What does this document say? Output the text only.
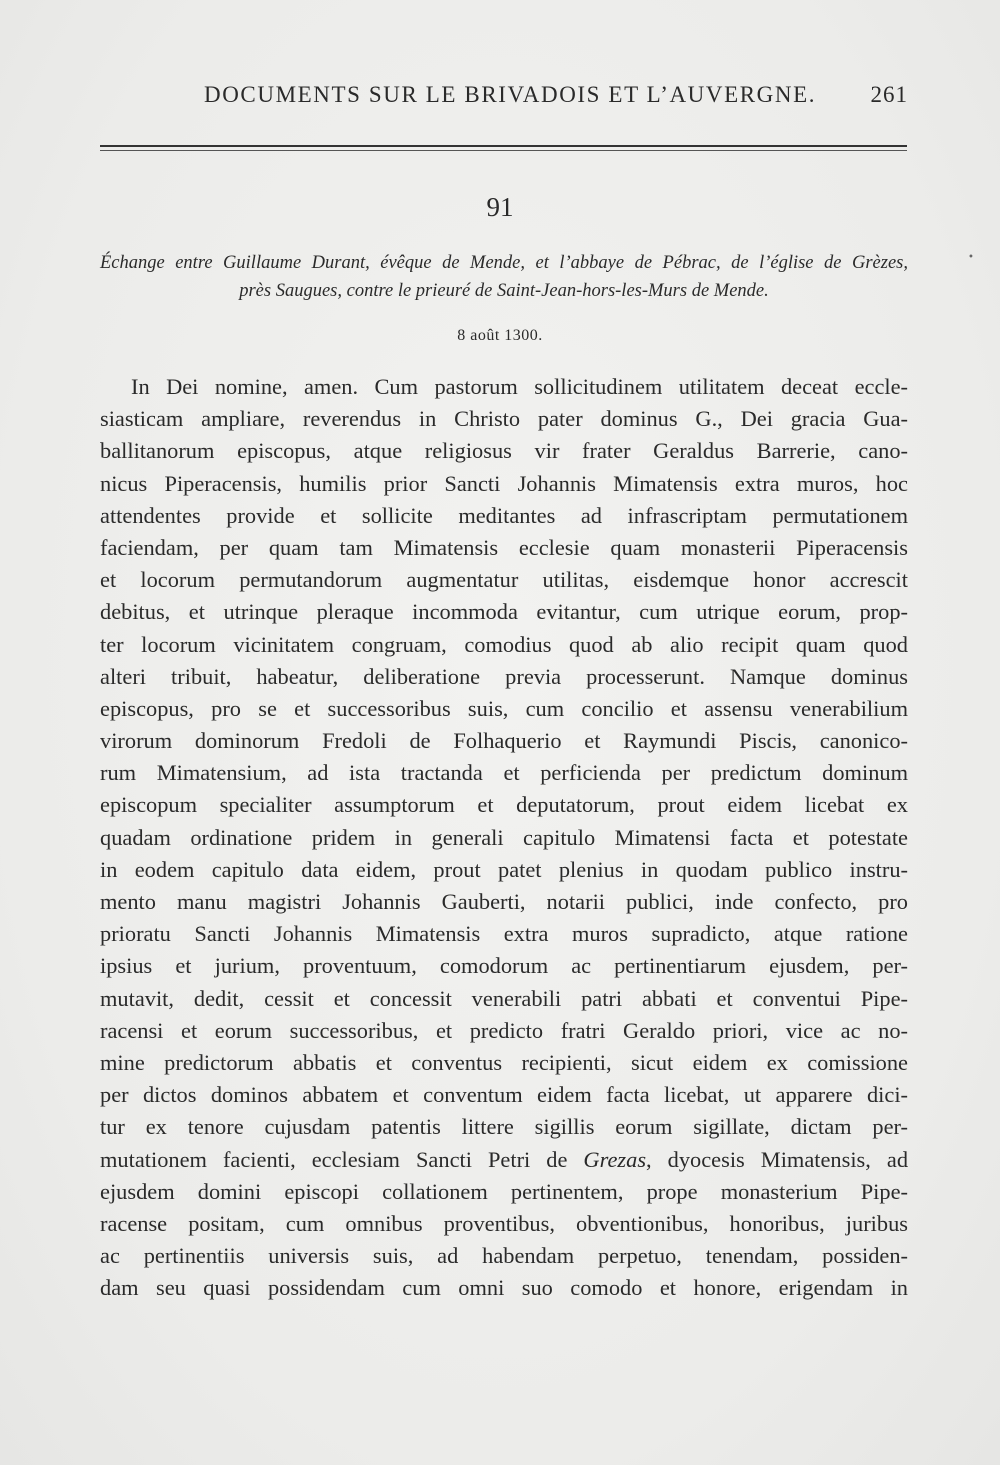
DOCUMENTS SUR LE BRIVADOIS ET L’AUVERGNE. 261
91
Échange entre Guillaume Durant, évêque de Mende, et l’abbaye de Pébrac, de l’église de Grèzes,
près Saugues, contre le prieuré de Saint-Jean-hors-les-Murs de Mende.
•
8 août 1300.
In Dei nomine, amen. Cum pastorum sollicitudinem utilitatem deceat eccle-
siasticam ampliare, reverendus in Christo pater dominus G., Dei gracia Gua-
ballitanorum episcopus, atque religiosus vir frater Geraldus Barrerie, cano-
nicus Piperacensis, humilis prior Sancti Johannis Mimatensis extra muros, hoc
attendentes provide et sollicite meditantes ad infrascriptam permutationem
faciendam, per quam tam Mimatensis ecclesie quam monasterii Piperacensis
et locorum permutandorum augmentatur utilitas, eisdemque honor accrescit
debitus, et utrinque pleraque incommoda evitantur, cum utrique eorum, prop-
ter locorum vicinitatem congruam, comodius quod ab alio recipit quam quod
alteri tribuit, habeatur, deliberatione previa processerunt. Namque dominus
episcopus, pro se et successoribus suis, cum concilio et assensu venerabilium
virorum dominorum Fredoli de Folhaquerio et Raymundi Piscis, canonico-
rum Mimatensium, ad ista tractanda et perficienda per predictum dominum
episcopum specialiter assumptorum et deputatorum, prout eidem licebat ex
quadam ordinatione pridem in generali capitulo Mimatensi facta et potestate
in eodem capitulo data eidem, prout patet plenius in quodam publico instru-
mento manu magistri Johannis Gauberti, notarii publici, inde confecto, pro
prioratu Sancti Johannis Mimatensis extra muros supradicto, atque ratione
ipsius et jurium, proventuum, comodorum ac pertinentiarum ejusdem, per-
mutavit, dedit, cessit et concessit venerabili patri abbati et conventui Pipe-
racensi et eorum successoribus, et predicto fratri Geraldo priori, vice ac no-
mine predictorum abbatis et conventus recipienti, sicut eidem ex comissione
per dictos dominos abbatem et conventum eidem facta licebat, ut apparere dici-
tur ex tenore cujusdam patentis littere sigillis eorum sigillate, dictam per-
mutationem facienti, ecclesiam Sancti Petri de Grezas, dyocesis Mimatensis, ad
ejusdem domini episcopi collationem pertinentem, prope monasterium Pipe-
racense positam, cum omnibus proventibus, obventionibus, honoribus, juribus
ac pertinentiis universis suis, ad habendam perpetuo, tenendam, possiden-
dam seu quasi possidendam cum omni suo comodo et honore, erigendam in
